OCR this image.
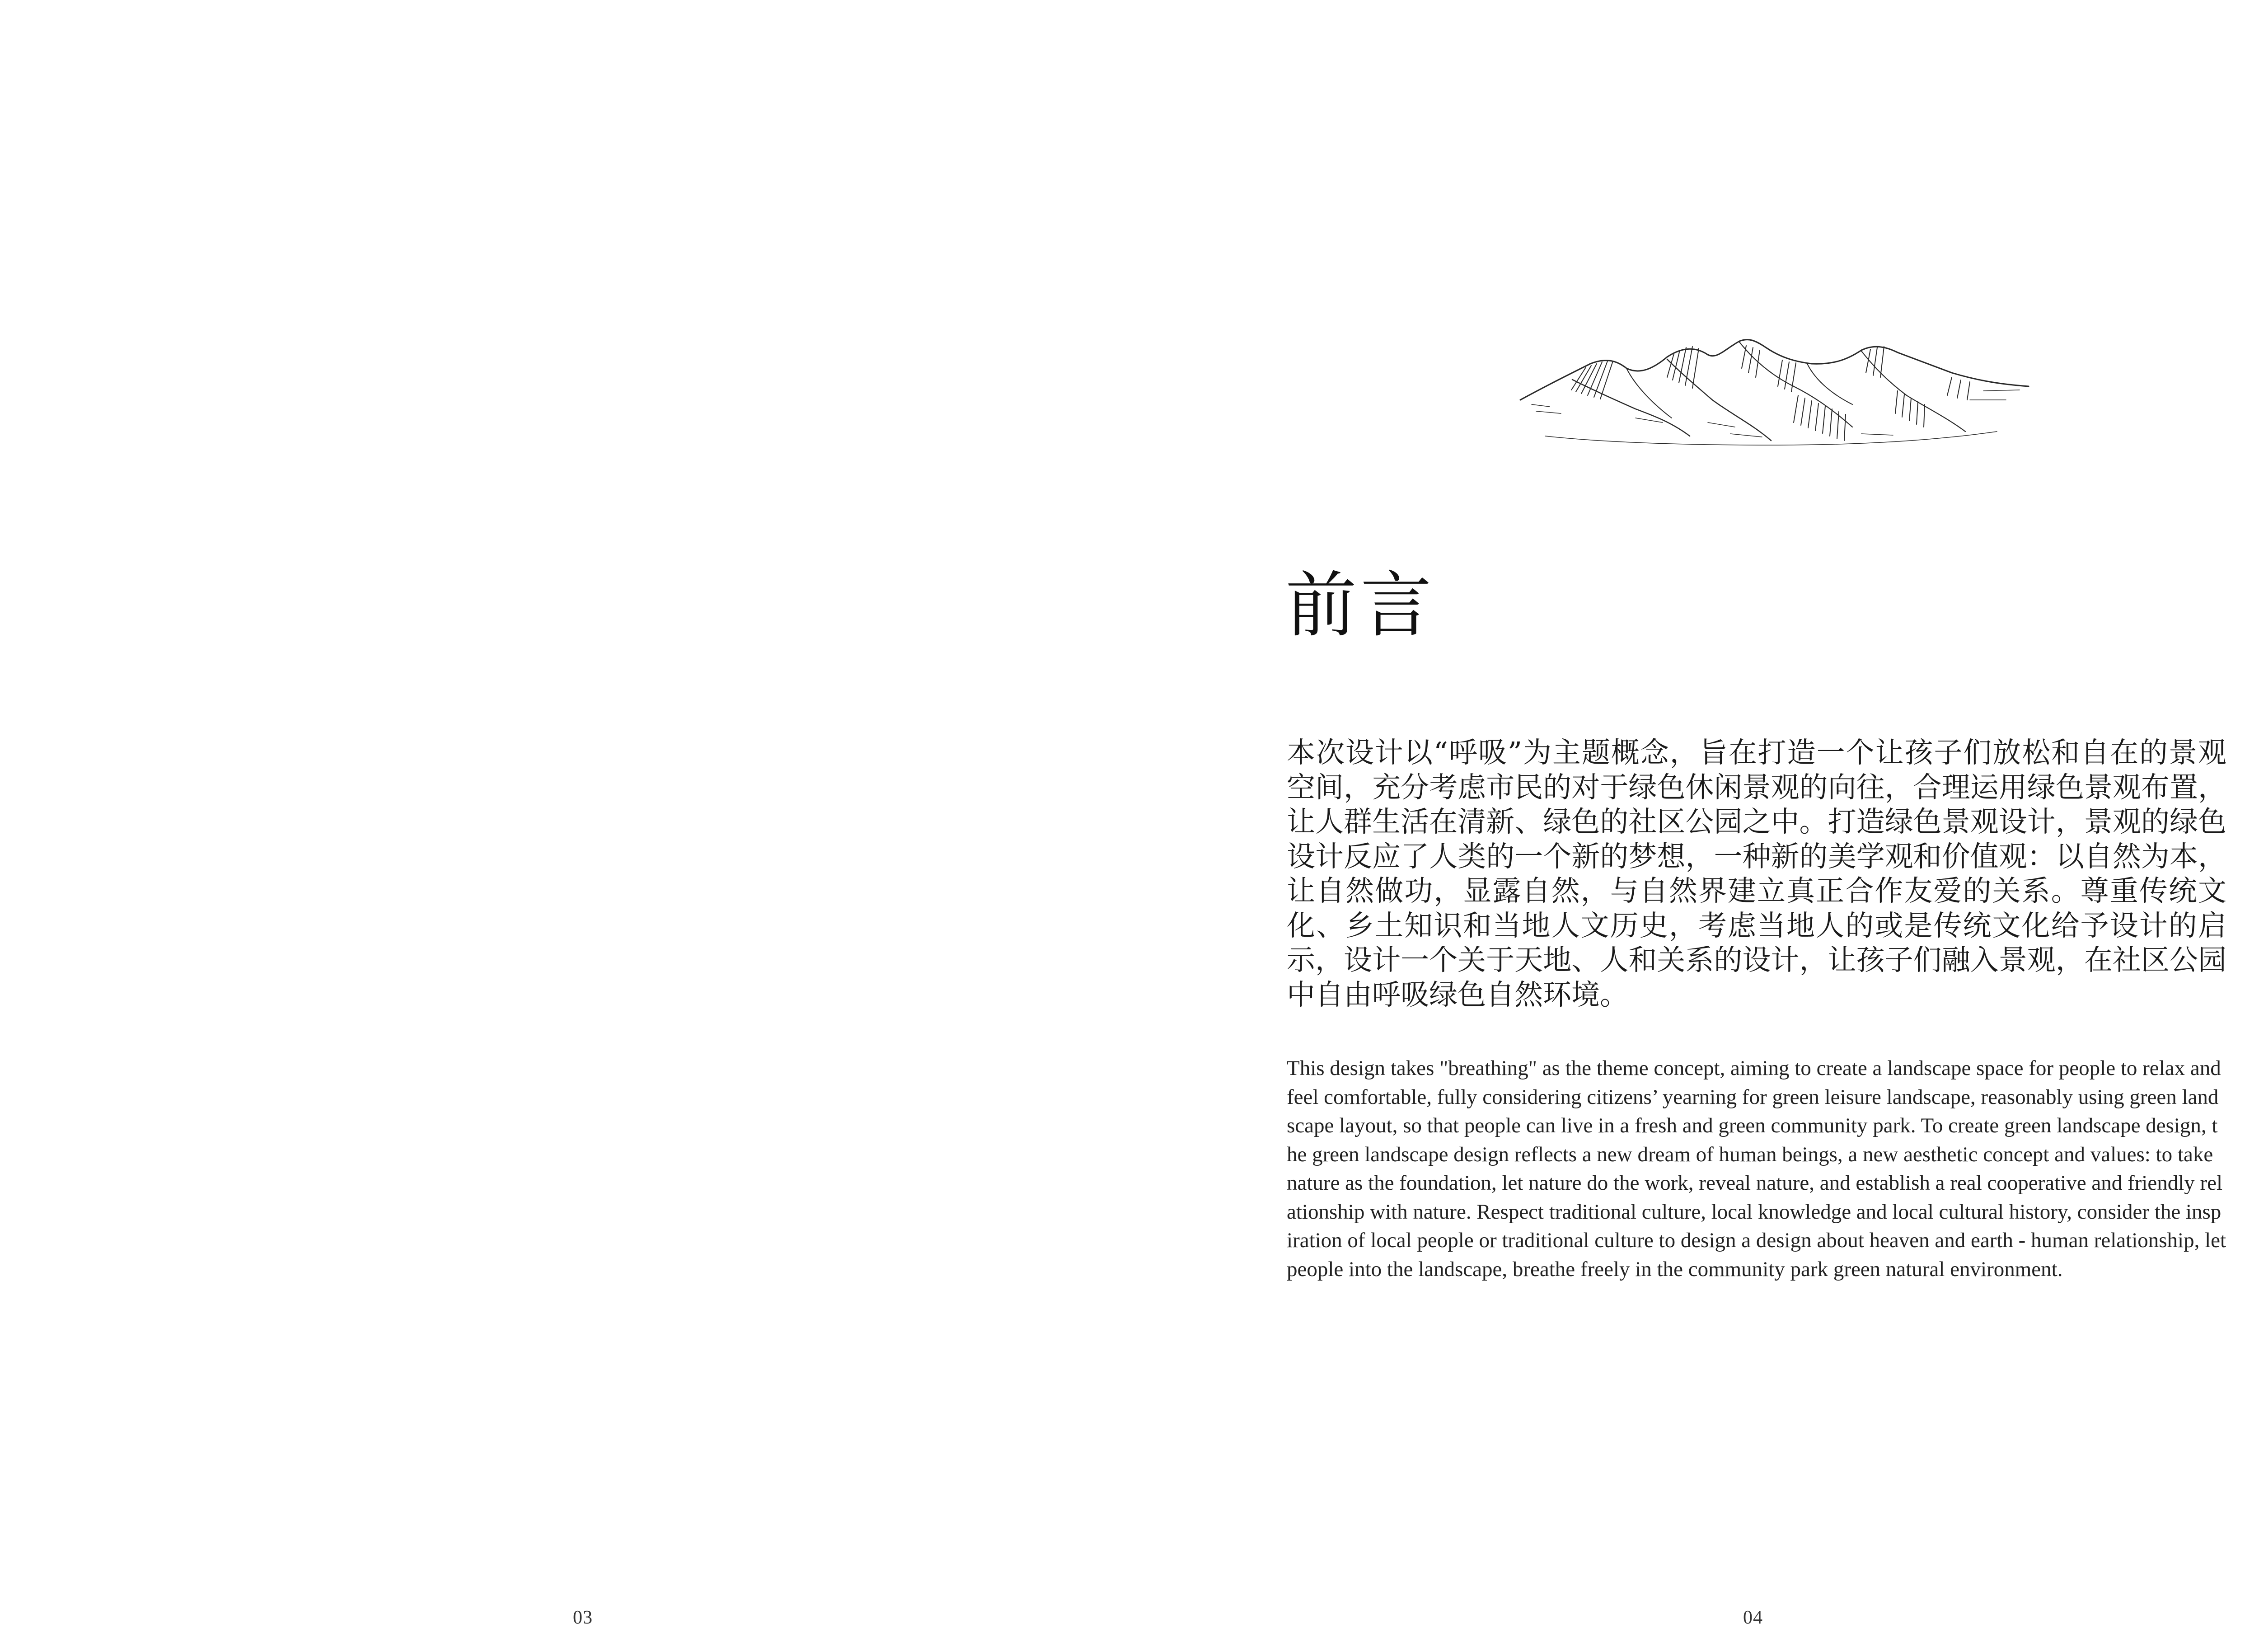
03
前言

本次设计以“呼吸”为主题概念，旨在打造一个让孩子们放松和自在的景观空间，充分考虑市民的对于绿色休闲景观的向往，合理运用绿色景观布置，让人群生活在清新、绿色的社区公园之中。打造绿色景观设计，景观的绿色设计反应了人类的一个新的梦想，一种新的美学观和价值观：以自然为本，让自然做功，显露自然，与自然界建立真正合作友爱的关系。尊重传统文化、乡土知识和当地人文历史，考虑当地人的或是传统文化给予设计的启示，设计一个关于天地、人和关系的设计，让孩子们融入景观，在社区公园中自由呼吸绿色自然环境。

This design takes "breathing" as the theme concept, aiming to create a landscape space for people to relax and feel comfortable, fully considering citizens’ yearning for green leisure landscape, reasonably using green landscape layout, so that people can live in a fresh and green community park. To create green landscape design, the green landscape design reflects a new dream of human beings, a new aesthetic concept and values: to take nature as the foundation, let nature do the work, reveal nature, and establish a real cooperative and friendly relationship with nature. Respect traditional culture, local knowledge and local cultural history, consider the inspiration of local people or traditional culture to design a design about heaven and earth - human relationship, let people into the landscape, breathe freely in the community park green natural environment.

04
